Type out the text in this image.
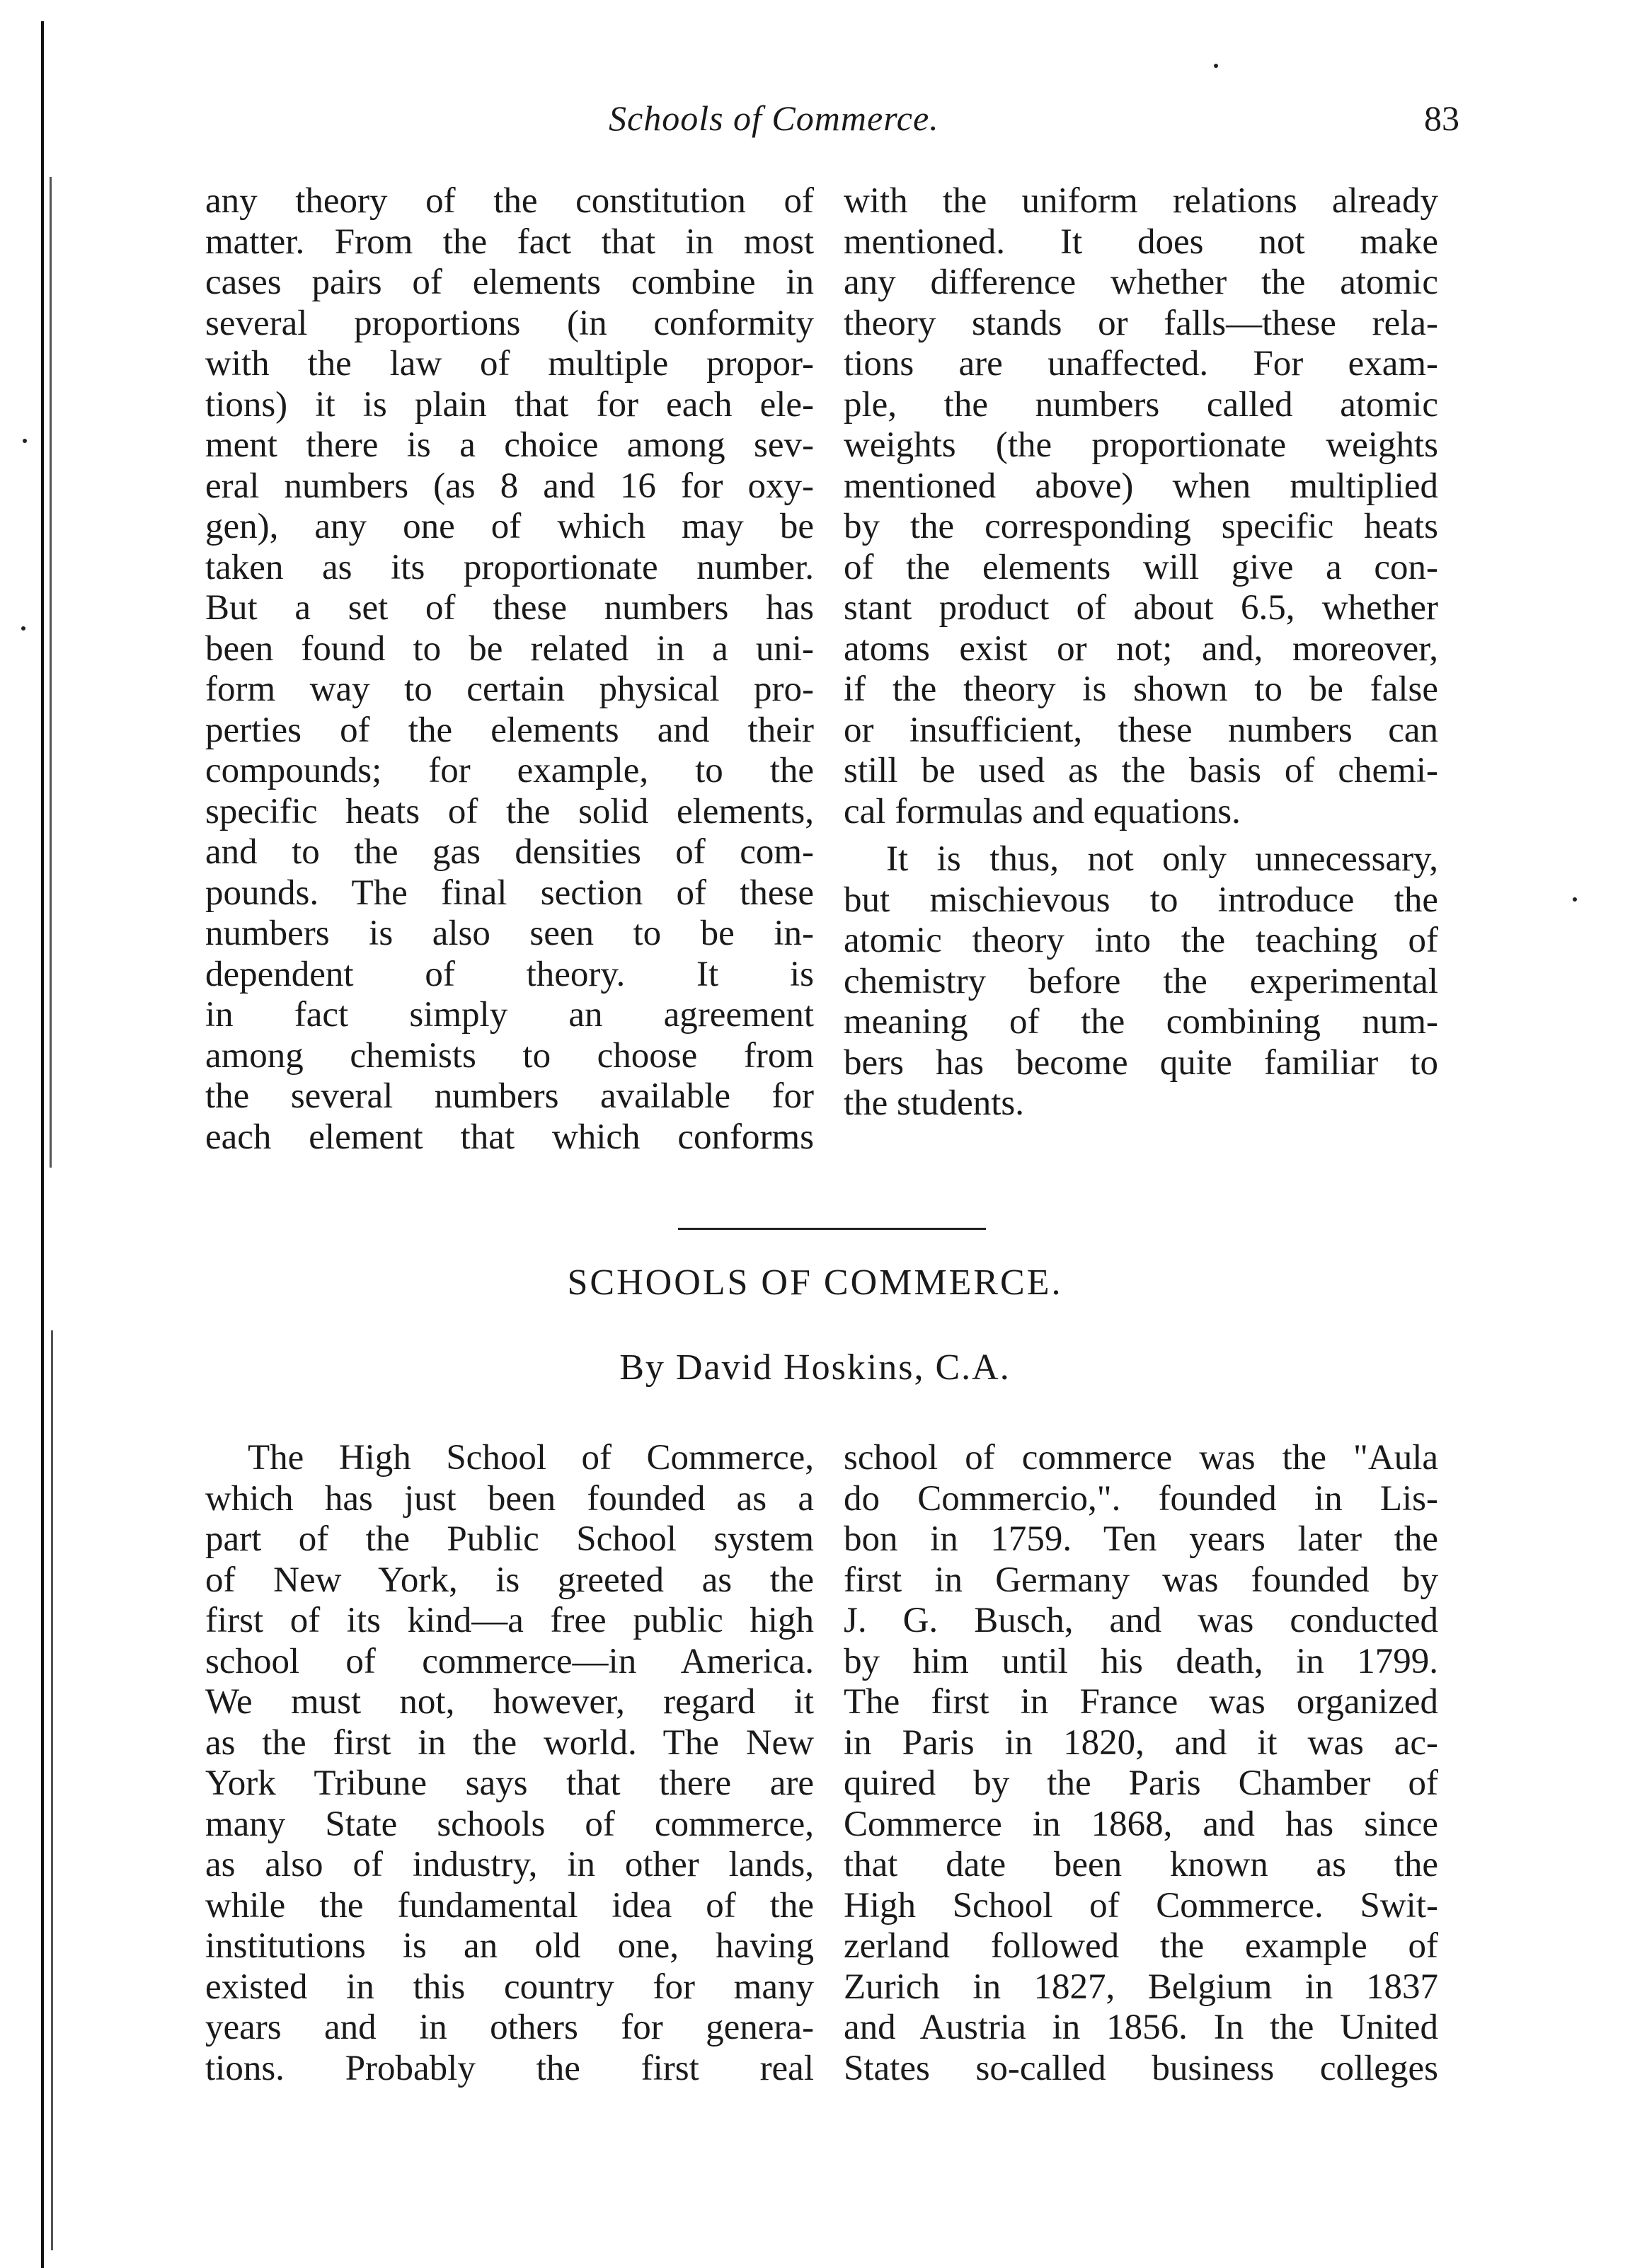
Schools of Commerce.	83

any theory of the constitution of
matter. From the fact that in most
cases pairs of elements combine in
several proportions (in conformity
with the law of multiple propor-
tions) it is plain that for each ele-
ment there is a choice among sev-
eral numbers (as 8 and 16 for oxy-
gen), any one of which may be
taken as its proportionate number.
But a set of these numbers has
been found to be related in a uni-
form way to certain physical pro-
perties of the elements and their
compounds; for example, to the
specific heats of the solid elements,
and to the gas densities of com-
pounds. The final section of these
numbers is also seen to be in-
dependent of theory. It is
in fact simply an agreement
among chemists to choose from
the several numbers available for
each element that which conforms

with the uniform relations already
mentioned. It does not make
any difference whether the atomic
theory stands or falls—these rela-
tions are unaffected. For exam-
ple, the numbers called atomic
weights (the proportionate weights
mentioned above) when multiplied
by the corresponding specific heats
of the elements will give a con-
stant product of about 6.5, whether
atoms exist or not; and, moreover,
if the theory is shown to be false
or insufficient, these numbers can
still be used as the basis of chemi-
cal formulas and equations.

It is thus, not only unnecessary,
but mischievous to introduce the
atomic theory into the teaching of
chemistry before the experimental
meaning of the combining num-
bers has become quite familiar to
the students.

SCHOOLS OF COMMERCE.
By David Hoskins, C.A.

The High School of Commerce,
which has just been founded as a
part of the Public School system
of New York, is greeted as the
first of its kind—a free public high
school of commerce—in America.
We must not, however, regard it
as the first in the world. The New
York Tribune says that there are
many State schools of commerce,
as also of industry, in other lands,
while the fundamental idea of the
institutions is an old one, having
existed in this country for many
years and in others for genera-
tions. Probably the first real

school of commerce was the "Aula
do Commercio,". founded in Lis-
bon in 1759. Ten years later the
first in Germany was founded by
J. G. Busch, and was conducted
by him until his death, in 1799.
The first in France was organized
in Paris in 1820, and it was ac-
quired by the Paris Chamber of
Commerce in 1868, and has since
that date been known as the
High School of Commerce. Swit-
zerland followed the example of
Zurich in 1827, Belgium in 1837
and Austria in 1856. In the United
States so-called business colleges
